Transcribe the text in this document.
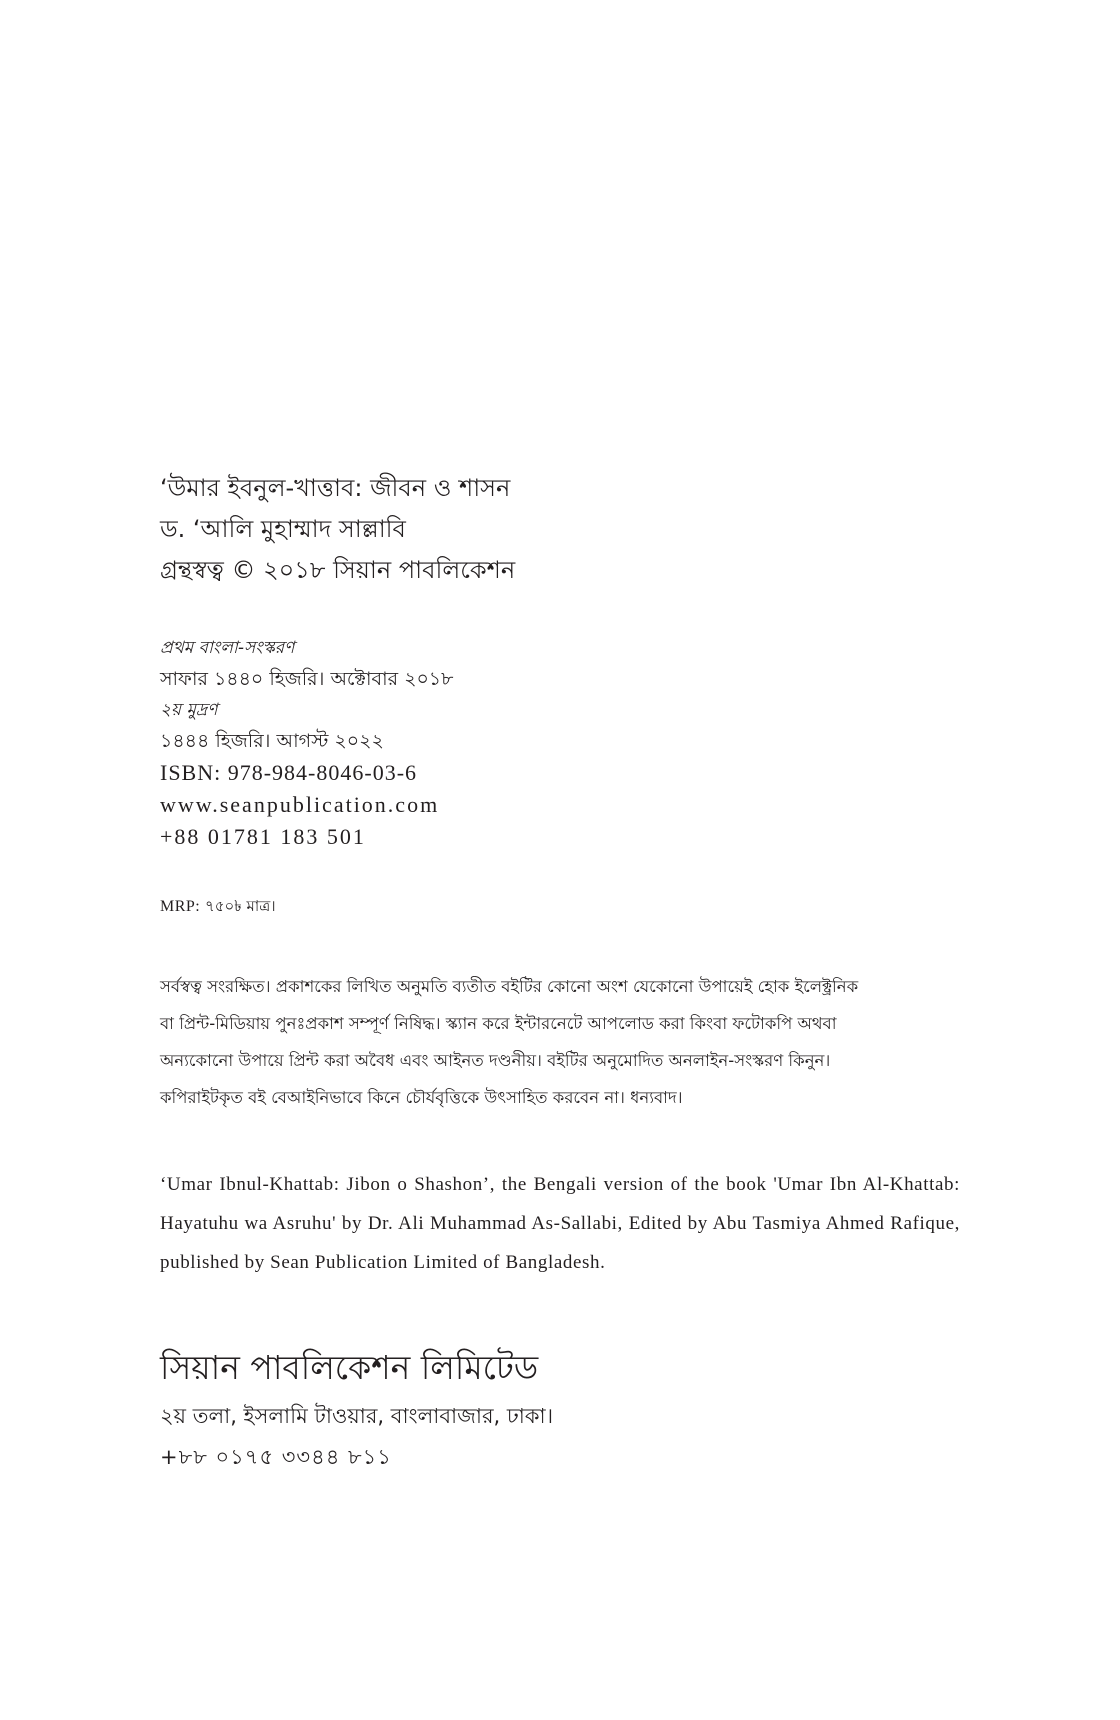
‘উমার ইবনুল-খাত্তাব: জীবন ও শাসন
ড. ‘আলি মুহাম্মাদ সাল্লাবি
গ্রন্থস্বত্ব © ২০১৮ সিয়ান পাবলিকেশন
প্রথম বাংলা-সংস্করণ
সাফার ১৪৪০ হিজরি। অক্টোবার ২০১৮
২য় মুদ্রণ
১৪৪৪ হিজরি। আগস্ট ২০২২
ISBN: 978-984-8046-03-6
www.seanpublication.com
+88 01781 183 501
MRP: ৭৫০৳ মাত্র।
সর্বস্বত্ব সংরক্ষিত। প্রকাশকের লিখিত অনুমতি ব্যতীত বইটির কোনো অংশ যেকোনো উপায়েই হোক ইলেক্ট্রনিক
বা প্রিন্ট-মিডিয়ায় পুনঃপ্রকাশ সম্পূর্ণ নিষিদ্ধ। স্ক্যান করে ইন্টারনেটে আপলোড করা কিংবা ফটোকপি অথবা
অন্যকোনো উপায়ে প্রিন্ট করা অবৈধ এবং আইনত দণ্ডনীয়। বইটির অনুমোদিত অনলাইন-সংস্করণ কিনুন।
কপিরাইটকৃত বই বেআইনিভাবে কিনে চৌর্যবৃত্তিকে উৎসাহিত করবেন না। ধন্যবাদ।
‘Umar Ibnul-Khattab: Jibon o Shashon’, the Bengali version of the book 'Umar Ibn Al-Khattab: Hayatuhu wa Asruhu' by Dr. Ali Muhammad As-Sallabi, Edited by Abu Tasmiya Ahmed Rafique, published by Sean Publication Limited of Bangladesh.
সিয়ান পাবলিকেশন লিমিটেড
২য় তলা, ইসলামি টাওয়ার, বাংলাবাজার, ঢাকা।
+৮৮ ০১৭৫ ৩৩৪৪ ৮১১
